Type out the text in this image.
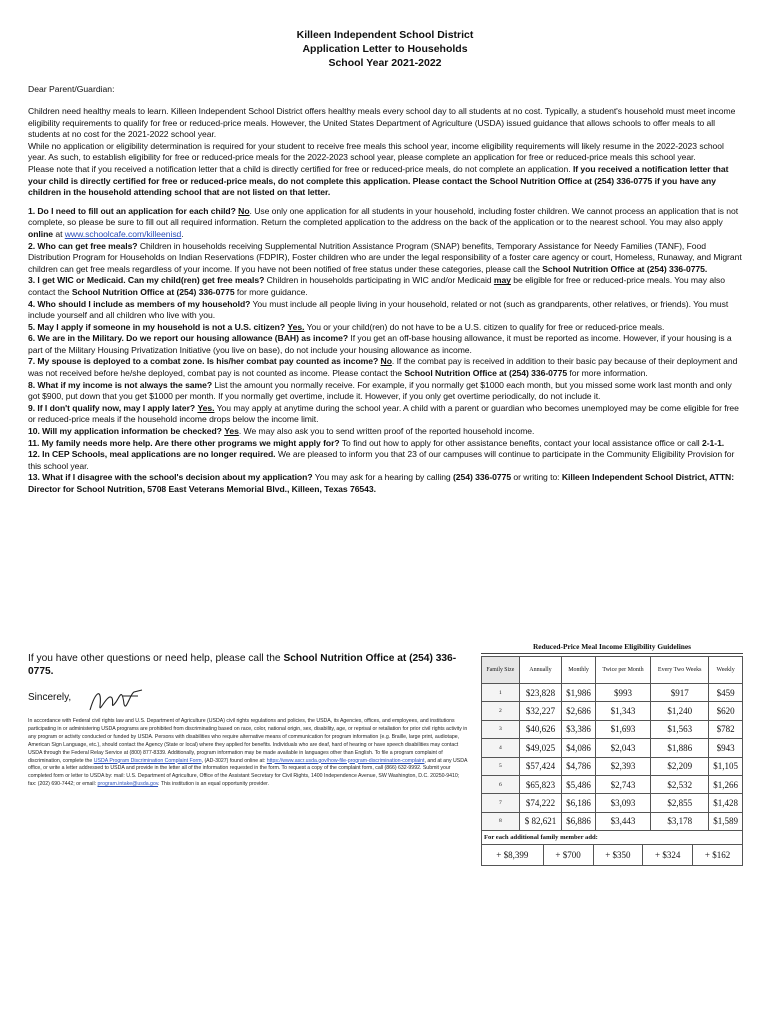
Killeen Independent School District
Application Letter to Households
School Year 2021-2022
Dear Parent/Guardian:

Children need healthy meals to learn. Killeen Independent School District offers healthy meals every school day to all students at no cost. Typically, a student's household must meet income eligibility requirements to qualify for free or reduced-price meals. However, the United States Department of Agriculture (USDA) issued guidance that allows schools to offer meals to all students at no cost for the 2021-2022 school year.

While no application or eligibility determination is required for your student to receive free meals this school year, income eligibility requirements will likely resume in the 2022-2023 school year. As such, to establish eligibility for free or reduced-price meals for the 2022-2023 school year, please complete an application for free or reduced-price meals this school year.

Please note that if you received a notification letter that a child is directly certified for free or reduced-price meals, do not complete an application. If you received a notification letter that your child is directly certified for free or reduced-price meals, do not complete this application. Please contact the School Nutrition Office at (254) 336-0775 if you have any children in the household attending school that are not listed on that letter.

1. Do I need to fill out an application for each child? No. Use only one application for all students in your household, including foster children. We cannot process an application that is not complete, so please be sure to fill out all required information. Return the completed application to the address on the back of the application or to the nearest school. You may also apply online at www.schoolcafe.com/killeenisd.

2. Who can get free meals? Children in households receiving Supplemental Nutrition Assistance Program (SNAP) benefits, Temporary Assistance for Needy Families (TANF), Food Distribution Program for Households on Indian Reservations (FDPIR), Foster children who are under the legal responsibility of a foster care agency or court, Homeless, Runaway, and Migrant children can get free meals regardless of your income. If you have not been notified of free status under these categories, please call the School Nutrition Office at (254) 336-0775.

3. I get WIC or Medicaid. Can my child(ren) get free meals? Children in households participating in WIC and/or Medicaid may be eligible for free or reduced-price meals. You may also contact the School Nutrition Office at (254) 336-0775 for more guidance.

4. Who should I include as members of my household? You must include all people living in your household, related or not (such as grandparents, other relatives, or friends). You must include yourself and all children who live with you.

5. May I apply if someone in my household is not a U.S. citizen? Yes. You or your child(ren) do not have to be a U.S. citizen to qualify for free or reduced-price meals.

6. We are in the Military. Do we report our housing allowance (BAH) as income? If you get an off-base housing allowance, it must be reported as income. However, if your housing is a part of the Military Housing Privatization Initiative (you live on base), do not include your housing allowance as income.

7. My spouse is deployed to a combat zone. Is his/her combat pay counted as income? No. If the combat pay is received in addition to their basic pay because of their deployment and was not received before he/she deployed, combat pay is not counted as income. Please contact the School Nutrition Office at (254) 336-0775 for more information.

8. What if my income is not always the same? List the amount you normally receive. For example, if you normally get $1000 each month, but you missed some work last month and only got $900, put down that you get $1000 per month. If you normally get overtime, include it. However, if you only get overtime periodically, do not include it.

9. If I don't qualify now, may I apply later? Yes. You may apply at anytime during the school year. A child with a parent or guardian who becomes unemployed may be come eligible for free or reduced-price meals if the household income drops below the income limit.

10. Will my application information be checked? Yes. We may also ask you to send written proof of the reported household income.

11. My family needs more help. Are there other programs we might apply for? To find out how to apply for other assistance benefits, contact your local assistance office or call 2-1-1.

12. In CEP Schools, meal applications are no longer required. We are pleased to inform you that 23 of our campuses will continue to participate in the Community Eligibility Provision for this school year.

13. What if I disagree with the school's decision about my application? You may ask for a hearing by calling (254) 336-0775 or writing to: Killeen Independent School District, ATTN: Director for School Nutrition, 5708 East Veterans Memorial Blvd., Killeen, Texas 76543.

If you have other questions or need help, please call the School Nutrition Office at (254) 336-0775.
Sincerely,
In accordance with Federal civil rights law and U.S. Department of Agriculture (USDA) civil rights regulations and policies, the USDA, its Agencies, offices, and employees, and institutions participating in or administering USDA programs are prohibited from discriminating based on race, color, national origin, sex, disability, age, or reprisal or retaliation for prior civil rights activity in any program or activity conducted or funded by USDA. Persons with disabilities who require alternative means of communication for program information (e.g. Braille, large print, audiotape, American Sign Language, etc.), should contact the Agency (State or local) where they applied for benefits. Individuals who are deaf, hard of hearing or have speech disabilities may contact USDA through the Federal Relay Service at (800) 877-8339. Additionally, program information may be made available in languages other than English. To file a program complaint of discrimination, complete the USDA Program Discrimination Complaint Form, (AD-3027) found online at: https://www.ascr.usda.gov/how-file-program-discrimination-complaint, and at any USDA office, or write a letter addressed to USDA and provide in the letter all of the information requested in the form. To request a copy of the complaint form, call (866) 632-9992. Submit your completed form or letter to USDA by: mail: U.S. Department of Agriculture, Office of the Assistant Secretary for Civil Rights, 1400 Independence Avenue, SW Washington, D.C. 20250-9410; fax: (202) 690-7442; or email: program.intake@usda.gov. This institution is an equal opportunity provider.
Reduced-Price Meal Income Eligibility Guidelines
Family Size	Annually	Monthly	Twice per Month	Every Two Weeks	Weekly
1	$23,828	$1,986	$993	$917	$459
2	$32,227	$2,686	$1,343	$1,240	$620
3	$40,626	$3,386	$1,693	$1,563	$782
4	$49,025	$4,086	$2,043	$1,886	$943
5	$57,424	$4,786	$2,393	$2,209	$1,105
6	$65,823	$5,486	$2,743	$2,532	$1,266
7	$74,222	$6,186	$3,093	$2,855	$1,428
8	$ 82,621	$6,886	$3,443	$3,178	$1,589
For each additional family member add:
+ $8,399	+ $700	+ $350	+ $324	+ $162
